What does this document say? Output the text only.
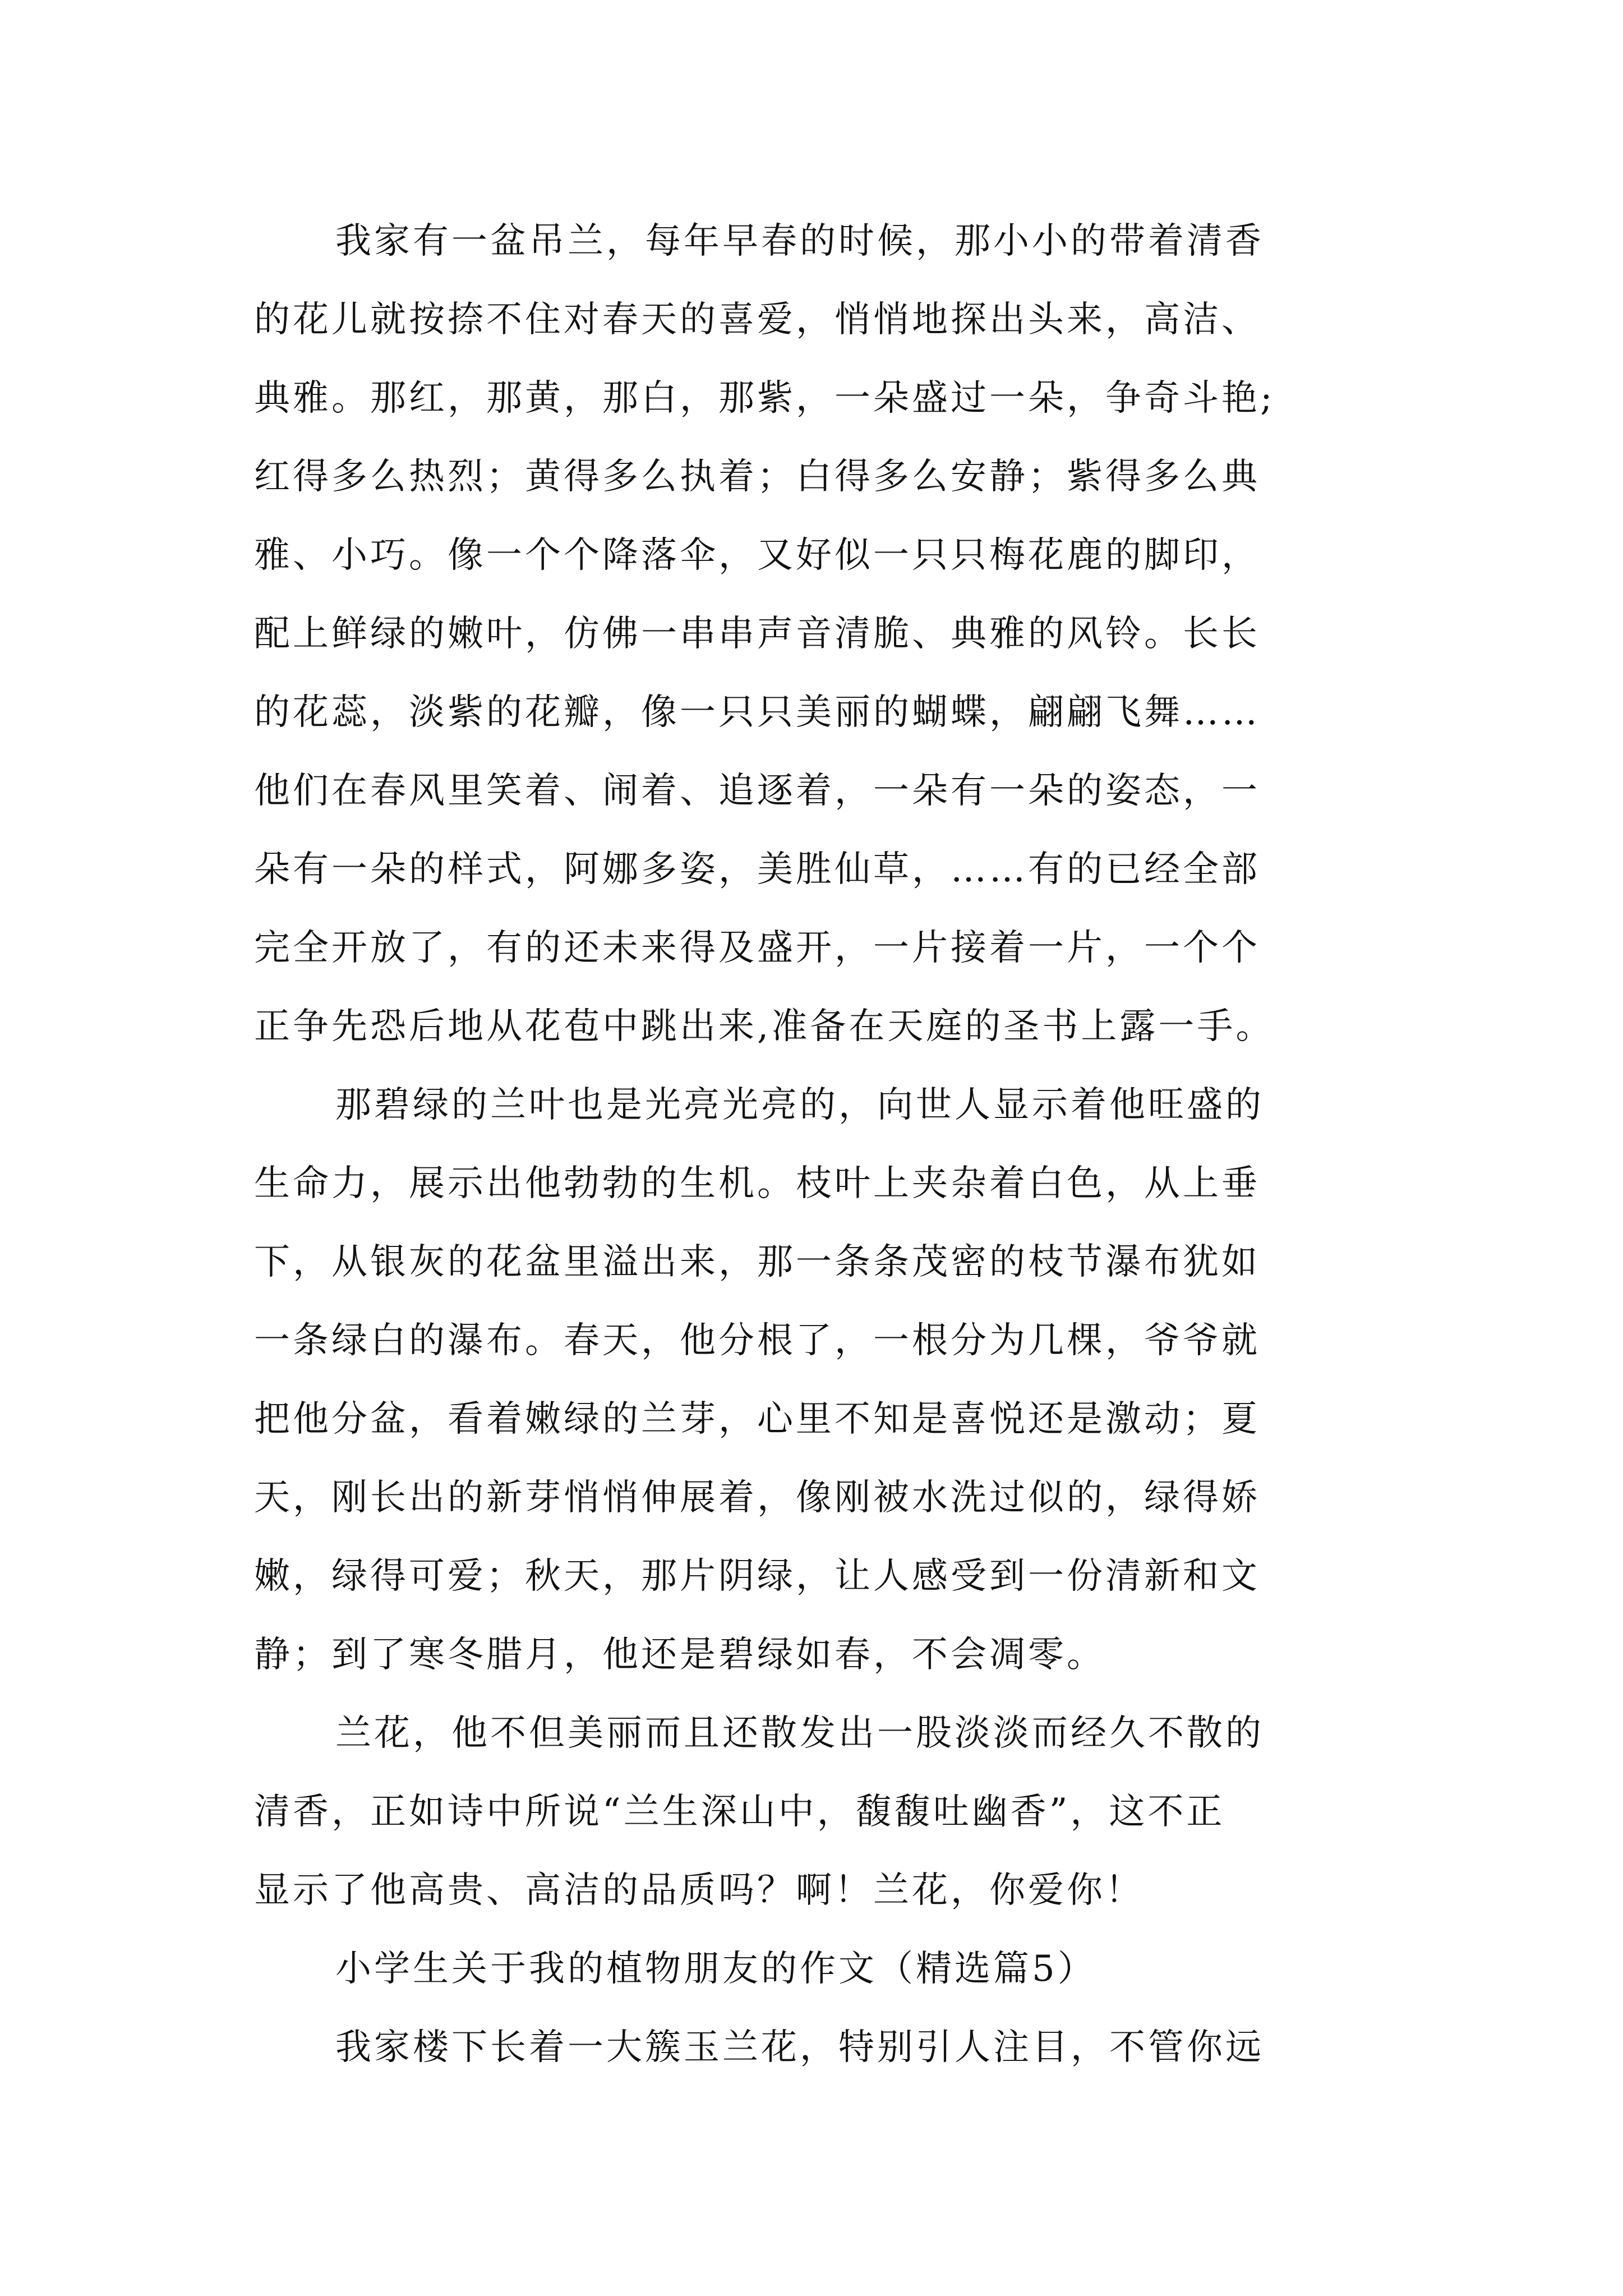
我家有一盆吊兰，每年早春的时候，那小小的带着清香
的花儿就按捺不住对春天的喜爱，悄悄地探出头来，高洁、
典雅。那红，那黄，那白，那紫，一朵盛过一朵，争奇斗艳;
红得多么热烈；黄得多么执着；白得多么安静；紫得多么典
雅、小巧。像一个个降落伞，又好似一只只梅花鹿的脚印，
配上鲜绿的嫩叶，仿佛一串串声音清脆、典雅的风铃。长长
的花蕊，淡紫的花瓣，像一只只美丽的蝴蝶，翩翩飞舞……
他们在春风里笑着、闹着、追逐着，一朵有一朵的姿态，一
朵有一朵的样式，阿娜多姿，美胜仙草，……有的已经全部
完全开放了，有的还未来得及盛开，一片接着一片，一个个
正争先恐后地从花苞中跳出来,准备在天庭的圣书上露一手。
那碧绿的兰叶也是光亮光亮的，向世人显示着他旺盛的
生命力，展示出他勃勃的生机。枝叶上夹杂着白色，从上垂
下，从银灰的花盆里溢出来，那一条条茂密的枝节瀑布犹如
一条绿白的瀑布。春天，他分根了，一根分为几棵，爷爷就
把他分盆，看着嫩绿的兰芽，心里不知是喜悦还是激动；夏
天，刚长出的新芽悄悄伸展着，像刚被水洗过似的，绿得娇
嫩，绿得可爱；秋天，那片阴绿，让人感受到一份清新和文
静；到了寒冬腊月，他还是碧绿如春，不会凋零。
兰花，他不但美丽而且还散发出一股淡淡而经久不散的
清香，正如诗中所说“兰生深山中，馥馥吐幽香”，这不正
显示了他高贵、高洁的品质吗？啊！兰花，你爱你！
小学生关于我的植物朋友的作文（精选篇5）
我家楼下长着一大簇玉兰花，特别引人注目，不管你远
